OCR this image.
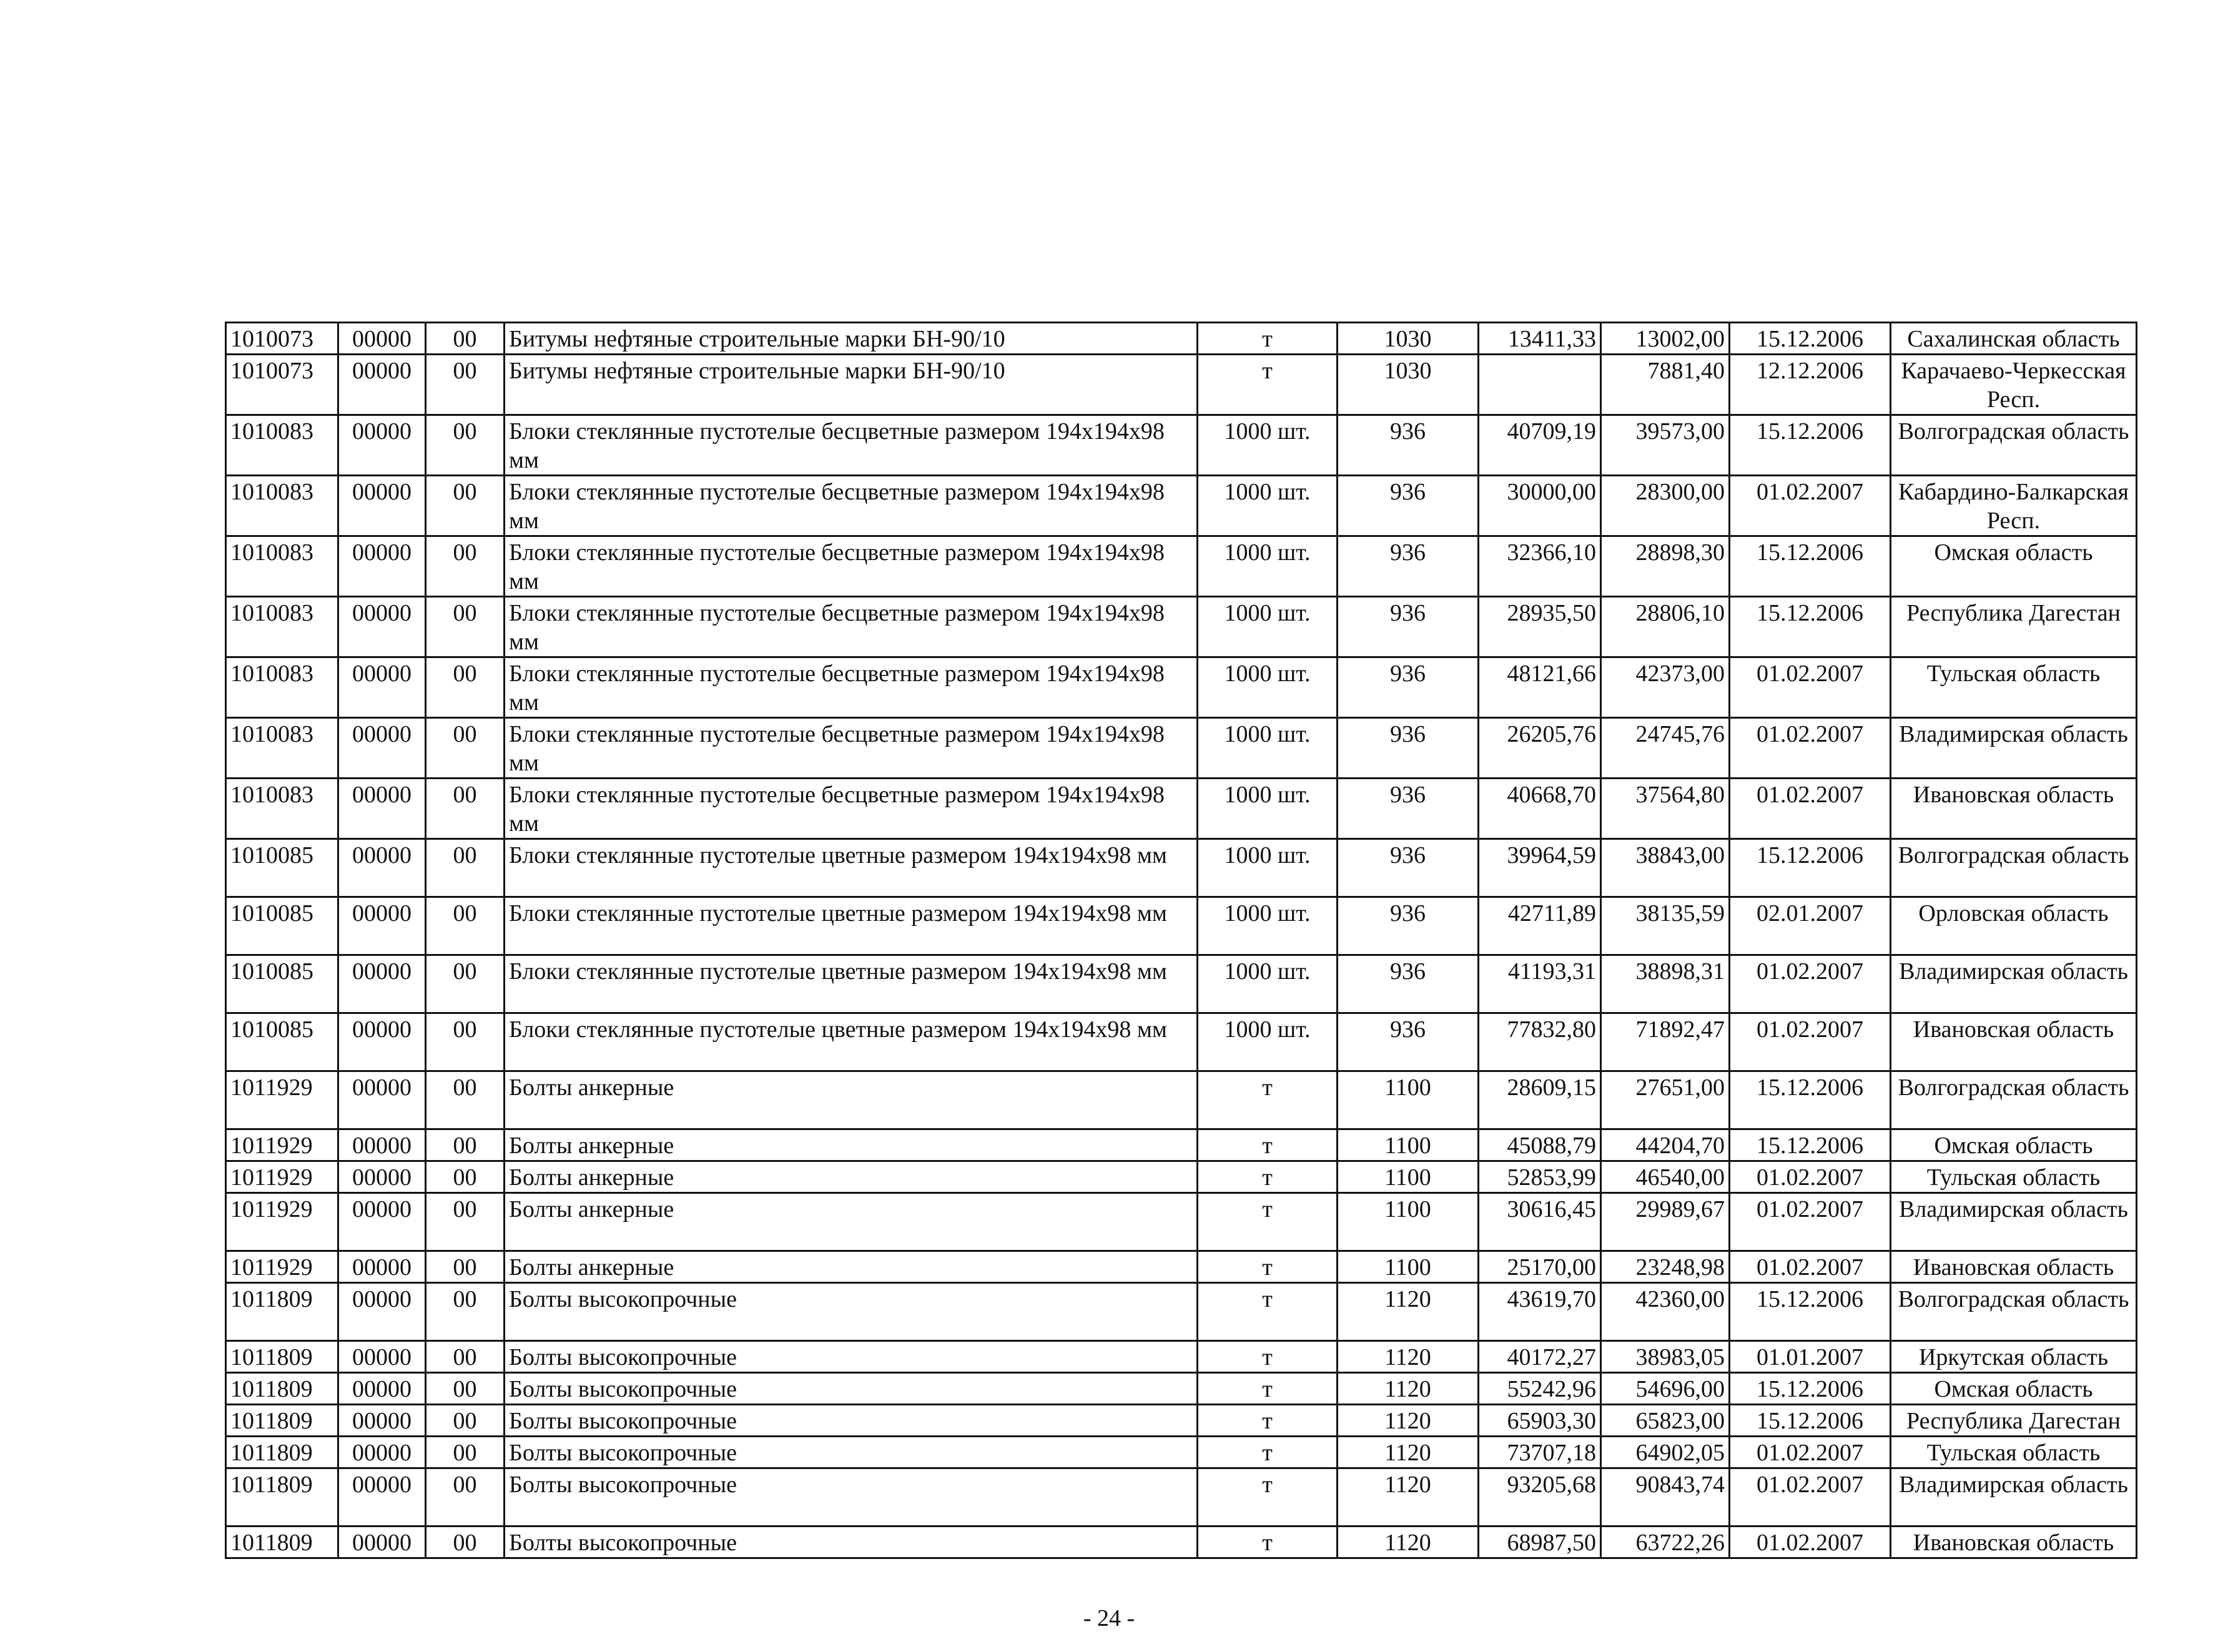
1010073	00000	00	Битумы нефтяные строительные марки БН-90/10	т	1030	13411,33	13002,00	15.12.2006	Сахалинская область
1010073	00000	00	Битумы нефтяные строительные марки БН-90/10	т	1030		7881,40	12.12.2006	Карачаево-Черкесская Респ.
1010083	00000	00	Блоки стеклянные пустотелые бесцветные размером 194x194x98 мм	1000 шт.	936	40709,19	39573,00	15.12.2006	Волгоградская область
1010083	00000	00	Блоки стеклянные пустотелые бесцветные размером 194x194x98 мм	1000 шт.	936	30000,00	28300,00	01.02.2007	Кабардино-Балкарская Респ.
1010083	00000	00	Блоки стеклянные пустотелые бесцветные размером 194x194x98 мм	1000 шт.	936	32366,10	28898,30	15.12.2006	Омская область
1010083	00000	00	Блоки стеклянные пустотелые бесцветные размером 194x194x98 мм	1000 шт.	936	28935,50	28806,10	15.12.2006	Республика Дагестан
1010083	00000	00	Блоки стеклянные пустотелые бесцветные размером 194x194x98 мм	1000 шт.	936	48121,66	42373,00	01.02.2007	Тульская область
1010083	00000	00	Блоки стеклянные пустотелые бесцветные размером 194x194x98 мм	1000 шт.	936	26205,76	24745,76	01.02.2007	Владимирская область
1010083	00000	00	Блоки стеклянные пустотелые бесцветные размером 194x194x98 мм	1000 шт.	936	40668,70	37564,80	01.02.2007	Ивановская область
1010085	00000	00	Блоки стеклянные пустотелые цветные размером 194x194x98 мм	1000 шт.	936	39964,59	38843,00	15.12.2006	Волгоградская область
1010085	00000	00	Блоки стеклянные пустотелые цветные размером 194x194x98 мм	1000 шт.	936	42711,89	38135,59	02.01.2007	Орловская область
1010085	00000	00	Блоки стеклянные пустотелые цветные размером 194x194x98 мм	1000 шт.	936	41193,31	38898,31	01.02.2007	Владимирская область
1010085	00000	00	Блоки стеклянные пустотелые цветные размером 194x194x98 мм	1000 шт.	936	77832,80	71892,47	01.02.2007	Ивановская область
1011929	00000	00	Болты анкерные	т	1100	28609,15	27651,00	15.12.2006	Волгоградская область
1011929	00000	00	Болты анкерные	т	1100	45088,79	44204,70	15.12.2006	Омская область
1011929	00000	00	Болты анкерные	т	1100	52853,99	46540,00	01.02.2007	Тульская область
1011929	00000	00	Болты анкерные	т	1100	30616,45	29989,67	01.02.2007	Владимирская область
1011929	00000	00	Болты анкерные	т	1100	25170,00	23248,98	01.02.2007	Ивановская область
1011809	00000	00	Болты высокопрочные	т	1120	43619,70	42360,00	15.12.2006	Волгоградская область
1011809	00000	00	Болты высокопрочные	т	1120	40172,27	38983,05	01.01.2007	Иркутская область
1011809	00000	00	Болты высокопрочные	т	1120	55242,96	54696,00	15.12.2006	Омская область
1011809	00000	00	Болты высокопрочные	т	1120	65903,30	65823,00	15.12.2006	Республика Дагестан
1011809	00000	00	Болты высокопрочные	т	1120	73707,18	64902,05	01.02.2007	Тульская область
1011809	00000	00	Болты высокопрочные	т	1120	93205,68	90843,74	01.02.2007	Владимирская область
1011809	00000	00	Болты высокопрочные	т	1120	68987,50	63722,26	01.02.2007	Ивановская область
- 24 -
